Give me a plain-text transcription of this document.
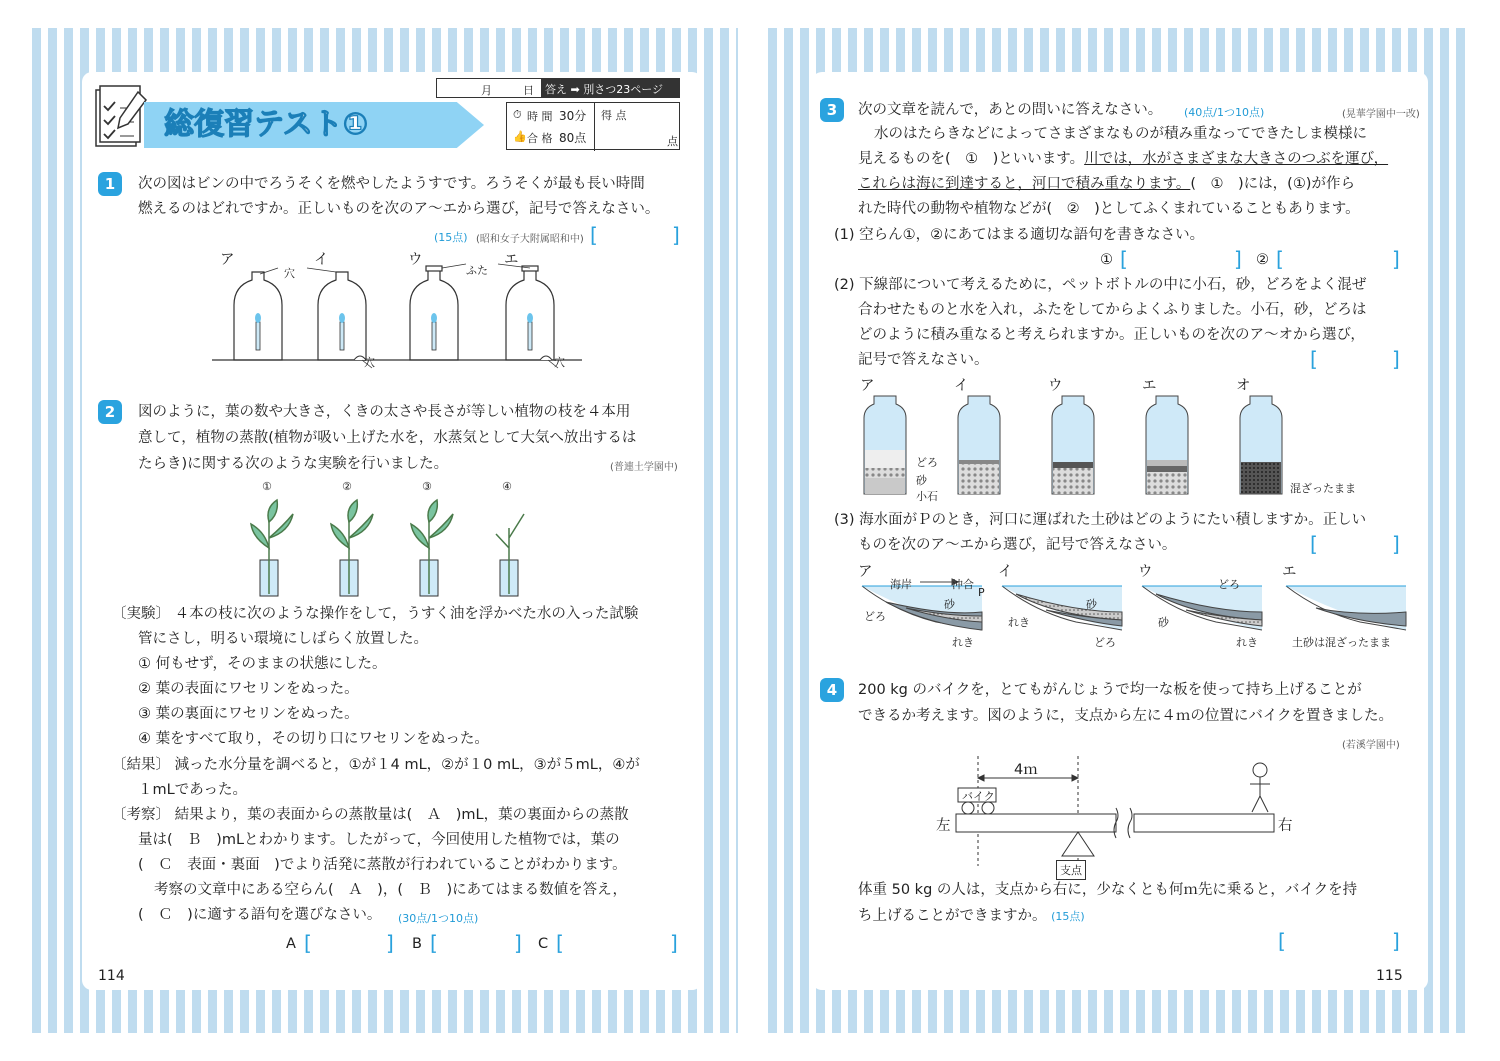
総復習テスト①
月	日	答え ➡ 別さつ23ページ
⏱ 時 間 30分
👍 合 格 80点
得 点
点
1	次の図はビンの中でろうそくを燃やしたようすです。ろうそくが最も長い時間
燃えるのはどれですか。正しいものを次のア〜エから選び，記号で答えなさい。
(15点) (昭和女子大附属昭和中) [	]
ア	イ	ウ	エ
穴	ふた
穴	穴
2	図のように，葉の数や大きさ，くきの太さや長さが等しい植物の枝を４本用
意して，植物の蒸散(植物が吸い上げた水を，水蒸気として大気へ放出するは
たらき)に関する次のような実験を行いました。	(普連土学園中)
①	②	③	④
〔実験〕 ４本の枝に次のような操作をして，うすく油を浮かべた水の入った試験
管にさし，明るい環境にしばらく放置した。
① 何もせず，そのままの状態にした。
② 葉の表面にワセリンをぬった。
③ 葉の裏面にワセリンをぬった。
④ 葉をすべて取り，その切り口にワセリンをぬった。
〔結果〕 減った水分量を調べると，①が１4 mL，②が１0 mL，③が５mL，④が
１mLであった。
〔考察〕 結果より，葉の表面からの蒸散量は(　Ａ　)mL，葉の裏面からの蒸散
量は(　Ｂ　)mLとわかります。したがって，今回使用した植物では，葉の
(　Ｃ　表面・裏面　)でより活発に蒸散が行われていることがわかります。
考察の文章中にある空らん(　Ａ　)，(　Ｂ　)にあてはまる数値を答え，
(　Ｃ　)に適する語句を選びなさい。 (30点/1つ10点)
A [	] B [	] C [	]
114
3	次の文章を読んで，あとの問いに答えなさい。 (40点/1つ10点)	(晃華学園中一改)
水のはたらきなどによってさまざまなものが積み重なってできたしま模様に
見えるものを(　①　)といいます。川では，水がさまざまな大きさのつぶを運び，
これらは海に到達すると，河口で積み重なります。(　①　)には，(①)が作ら
れた時代の動物や植物などが(　②　)としてふくまれていることもあります。
(1) 空らん①，②にあてはまる適切な語句を書きなさい。
① [	] ② [	]
(2) 下線部について考えるために，ペットボトルの中に小石，砂，どろをよく混ぜ
合わせたものと水を入れ，ふたをしてからよくふりました。小石，砂，どろは
どのように積み重なると考えられますか。正しいものを次のア〜オから選び，
記号で答えなさい。	[	]
ア	イ	ウ	エ	オ
どろ
砂
小石
混ざったまま
(3) 海水面がＰのとき，河口に運ばれた土砂はどのようにたい積しますか。正しい
ものを次のア〜エから選び，記号で答えなさい。	[	]
ア	イ	ウ	エ
海岸	沖合
P
砂
どろ
れき
砂
れき
どろ
どろ
砂
れき	土砂は混ざったまま
4	200 kg のバイクを，とてもがんじょうで均一な板を使って持ち上げることが
できるか考えます。図のように，支点から左に４ｍの位置にバイクを置きました。
(若溪学園中)
4ｍ
バイク
左	右
支点
体重 50 kg の人は，支点から右に，少なくとも何ｍ先に乗ると，バイクを持
ち上げることができますか。 (15点)
[	]
115
